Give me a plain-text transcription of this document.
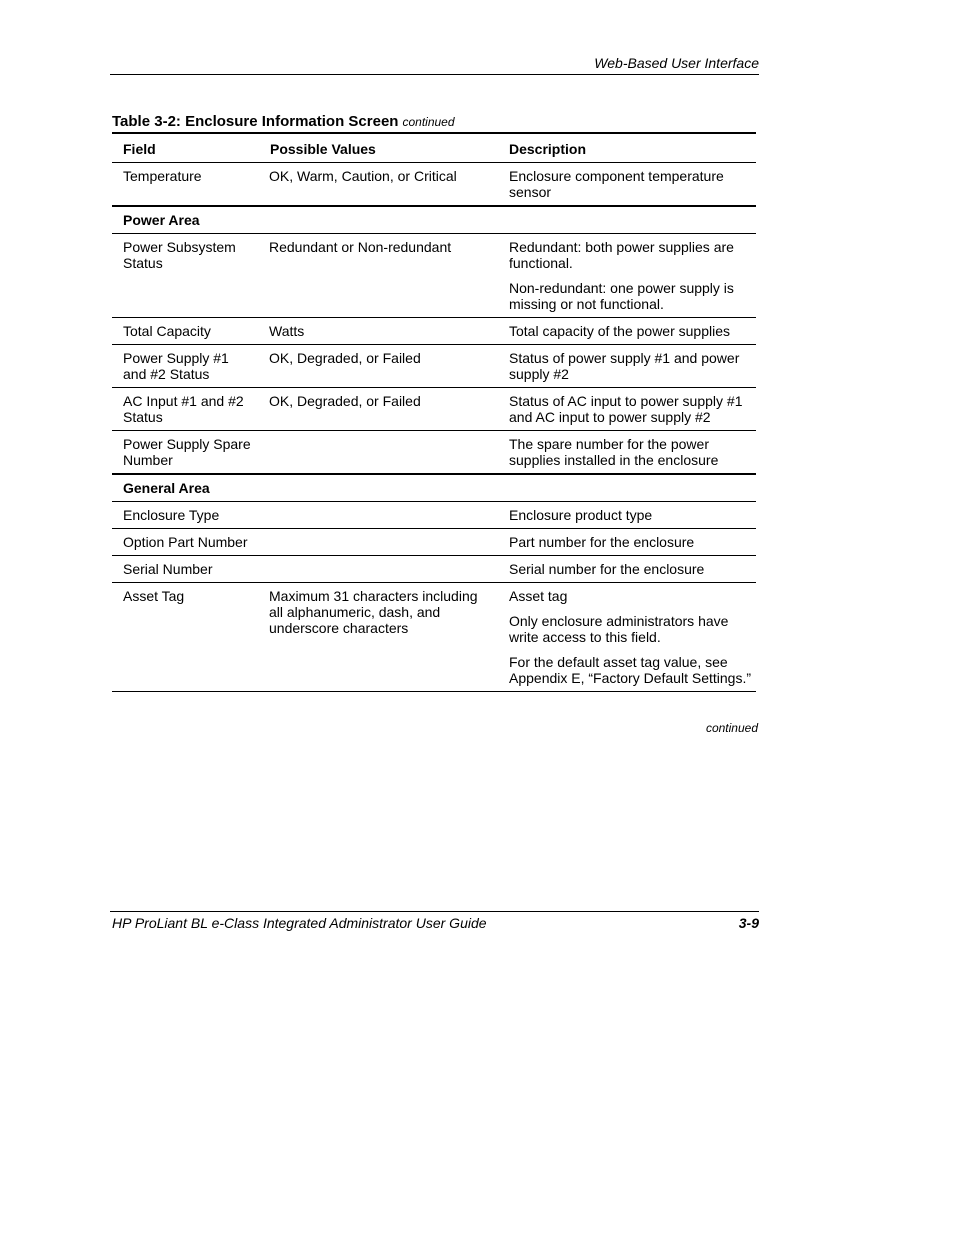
Web-Based User Interface
Table 3-2: Enclosure Information Screen continued
Field	Possible Values	Description
Temperature	OK, Warm, Caution, or Critical	Enclosure component temperature sensor

Power Area		
Power Subsystem Status	Redundant or Non-redundant	Redundant: both power supplies are functional.
Non-redundant: one power supply is missing or not functional.

Total Capacity	Watts	Total capacity of the power supplies

Power Supply #1 and #2 Status	OK, Degraded, or Failed	Status of power supply #1 and power supply #2

AC Input #1 and #2 Status	OK, Degraded, or Failed	Status of AC input to power supply #1 and AC input to power supply #2

Power Supply Spare Number		The spare number for the power supplies installed in the enclosure

General Area		
Enclosure Type		Enclosure product type

Option Part Number		Part number for the enclosure

Serial Number		Serial number for the enclosure

Asset Tag	Maximum 31 characters including all alphanumeric, dash, and underscore characters	Asset tag
Only enclosure administrators have write access to this field.
For the default asset tag value, see Appendix E, “Factory Default Settings.”
continued
HP ProLiant BL e-Class Integrated Administrator User Guide	3-9
